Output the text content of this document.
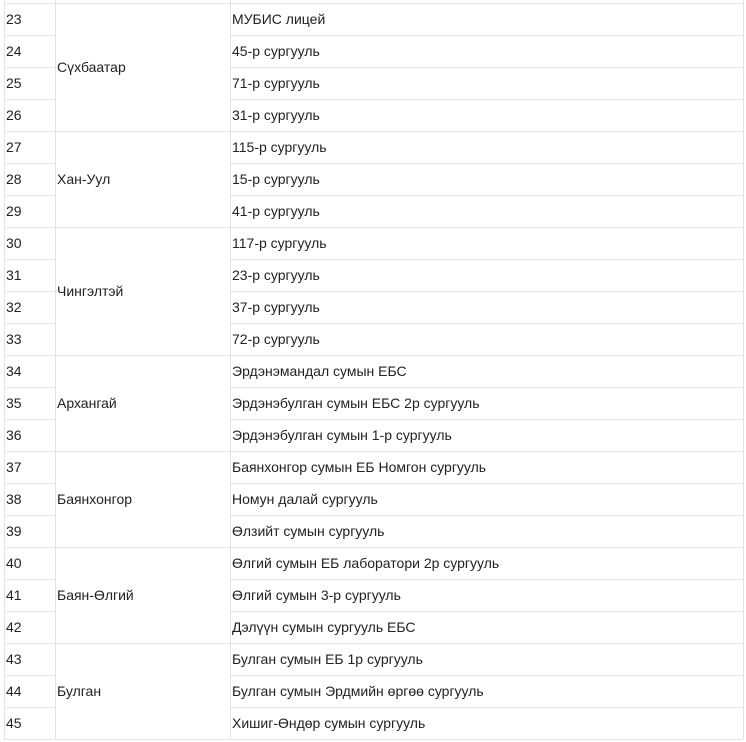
Сүхбаатар
23	МУБИС лицей
24	45-р сургууль
25	71-р сургууль
26	31-р сургууль
Хан-Уул
27	115-р сургууль
28	15-р сургууль
29	41-р сургууль
Чингэлтэй
30	117-р сургууль
31	23-р сургууль
32	37-р сургууль
33	72-р сургууль
Архангай
34	Эрдэнэмандал сумын ЕБС
35	Эрдэнэбулган сумын ЕБС 2р сургууль
36	Эрдэнэбулган сумын 1-р сургууль
Баянхонгор
37	Баянхонгор сумын ЕБ Номгон сургууль
38	Номун далай сургууль
39	Өлзийт сумын сургууль
Баян-Өлгий
40	Өлгий сумын ЕБ лаборатори 2р сургууль
41	Өлгий сумын 3-р сургууль
42	Дэлүүн сумын сургууль ЕБС
Булган
43	Булган сумын ЕБ 1р сургууль
44	Булган сумын Эрдмийн өргөө сургууль
45	Хишиг-Өндөр сумын сургууль
